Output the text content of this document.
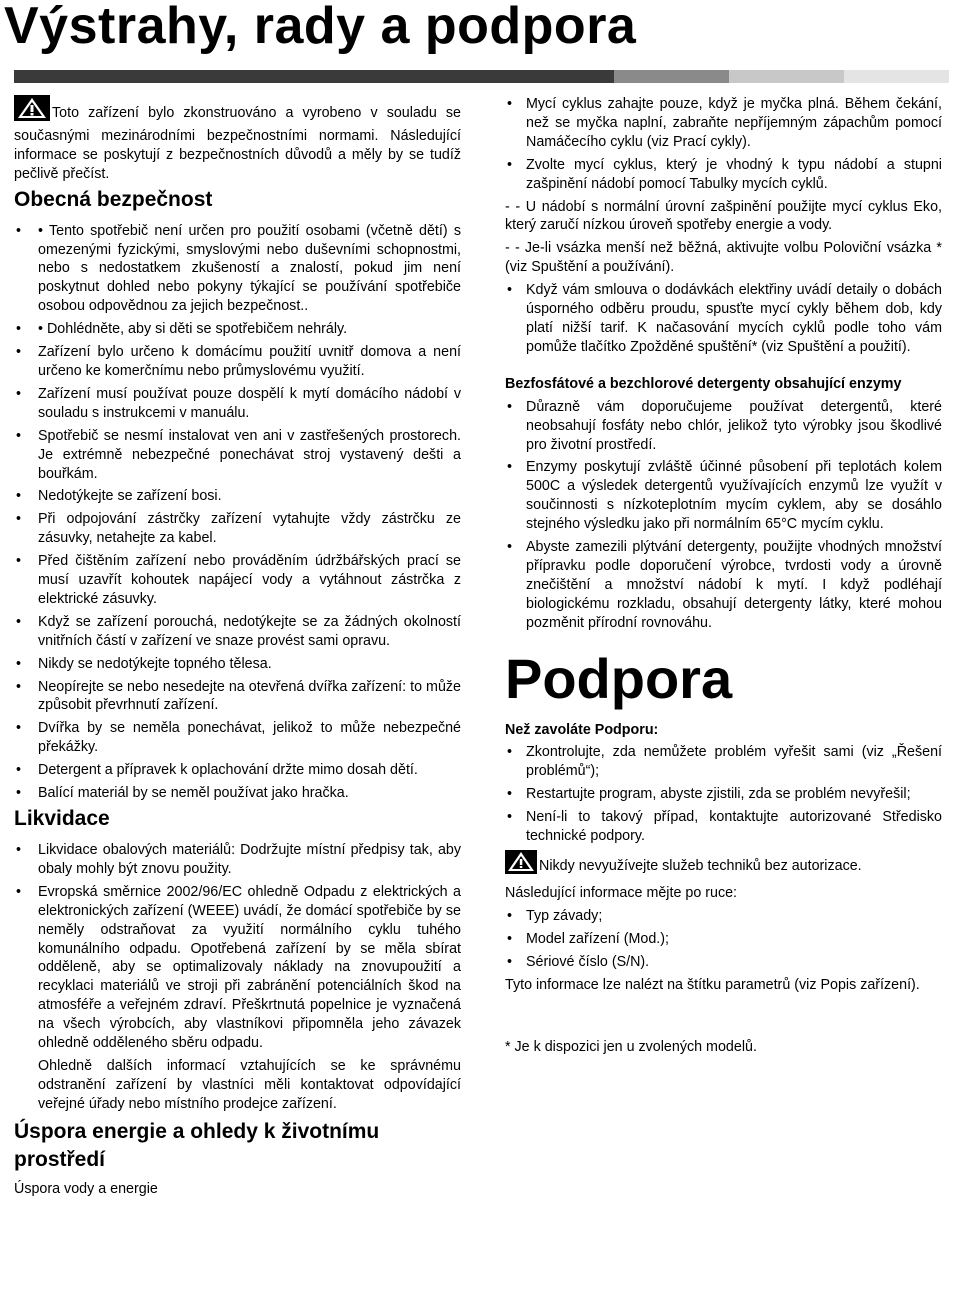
Výstrahy, rady a podpora

Toto zařízení bylo zkonstruováno a vyrobeno v souladu se současnými mezinárodními bezpečnostními normami. Následující informace se poskytují z bezpečnostních důvodů a měly by se tudíž pečlivě přečíst.

Obecná bezpečnost
• • Tento spotřebič není určen pro použití osobami (včetně dětí) s omezenými fyzickými, smyslovými nebo duševními schopnostmi, nebo s nedostatkem zkušeností a znalostí, pokud jim není poskytnut dohled nebo pokyny týkající se používání spotřebiče osobou odpovědnou za jejich bezpečnost..
• • Dohlédněte, aby si děti se spotřebičem nehrály.
• Zařízení bylo určeno k domácímu použití uvnitř domova a není určeno ke komerčnímu nebo průmyslovému využití.
• Zařízení musí používat pouze dospělí k mytí domácího nádobí v souladu s instrukcemi v manuálu.
• Spotřebič se nesmí instalovat ven ani v zastřešených prostorech. Je extrémně nebezpečné ponechávat stroj vystavený dešti a bouřkám.
• Nedotýkejte se zařízení bosi.
• Při odpojování zástrčky zařízení vytahujte vždy zástrčku ze zásuvky, netahejte za kabel.
• Před čištěním zařízení nebo prováděním údržbářských prací se musí uzavřít kohoutek napájecí vody a vytáhnout zástrčka z elektrické zásuvky.
• Když se zařízení porouchá, nedotýkejte se za žádných okolností vnitřních částí v zařízení ve snaze provést sami opravu.
• Nikdy se nedotýkejte topného tělesa.
• Neopírejte se nebo nesedejte na otevřená dvířka zařízení: to může způsobit převrhnutí zařízení.
• Dvířka by se neměla ponechávat, jelikož to může nebezpečné překážky.
• Detergent a přípravek k oplachování držte mimo dosah dětí.
• Balící materiál by se neměl používat jako hračka.
Likvidace
• Likvidace obalových materiálů: Dodržujte místní předpisy tak, aby obaly mohly být znovu použity.
• Evropská směrnice 2002/96/EC ohledně Odpadu z elektrických a elektronických zařízení (WEEE) uvádí, že domácí spotřebiče by se neměly odstraňovat za využití normálního cyklu tuhého komunálního odpadu. Opotřebená zařízení by se měla sbírat odděleně, aby se optimalizovaly náklady na znovupoužití a recyklaci materiálů ve stroji při zabránění potenciálních škod na atmosféře a veřejném zdraví. Přeškrtnutá popelnice je vyznačená na všech výrobcích, aby vlastníkovi připomněla jeho závazek ohledně odděleného sběru odpadu.

Ohledně dalších informací vztahujících se ke správnému odstranění zařízení by vlastníci měli kontaktovat odpovídající veřejné úřady nebo místního prodejce zařízení.

Úspora energie a ohledy k životnímu prostředí

Úspora vody a energie

• Mycí cyklus zahajte pouze, když je myčka plná. Během čekání, než se myčka naplní, zabraňte nepříjemným zápachům pomocí Namáčecího cyklu (viz Prací cykly).
• Zvolte mycí cyklus, který je vhodný k typu nádobí a stupni zašpinění nádobí pomocí Tabulky mycích cyklů.

- - U nádobí s normální úrovní zašpinění použijte mycí cyklus Eko, který zaručí nízkou úroveň spotřeby energie a vody.

- - Je-li vsázka menší než běžná, aktivujte volbu Poloviční vsázka * (viz Spuštění a používání).

• Když vám smlouva o dodávkách elektřiny uvádí detaily o dobách úsporného odběru proudu, spusťte mycí cykly během dob, kdy platí nižší tarif. K načasování mycích cyklů podle toho vám pomůže tlačítko Zpožděné spuštění* (viz Spuštění a použití).

Bezfosfátové a bezchlorové detergenty obsahující enzymy

• Důrazně vám doporučujeme používat detergentů, které neobsahují fosfáty nebo chlór, jelikož tyto výrobky jsou škodlivé pro životní prostředí.
• Enzymy poskytují zvláště účinné působení při teplotách kolem 500C a výsledek detergentů využívajících enzymů lze využít v součinnosti s nízkoteplotním mycím cyklem, aby se dosáhlo stejného výsledku jako při normálním 65°C mycím cyklu.
• Abyste zamezili plýtvání detergenty, použijte vhodných množství přípravku podle doporučení výrobce, tvrdosti vody a úrovně znečištění a množství nádobí k mytí. I když podléhají biologickému rozkladu, obsahují detergenty látky, které mohou pozměnit přírodní rovnováhu.
Podpora

Než zavoláte Podporu:

• Zkontrolujte, zda nemůžete problém vyřešit sami (viz „Řešení problémů“);
• Restartujte program, abyste zjistili, zda se problém nevyřešil;
• Není-li to takový případ, kontaktujte autorizované Středisko technické podpory.

Nikdy nevyužívejte služeb techniků bez autorizace.

Následující informace mějte po ruce:

• Typ závady;
• Model zařízení (Mod.);
• Sériové číslo (S/N).

Tyto informace lze nalézt na štítku parametrů (viz Popis zařízení).

* Je k dispozici jen u zvolených modelů.
